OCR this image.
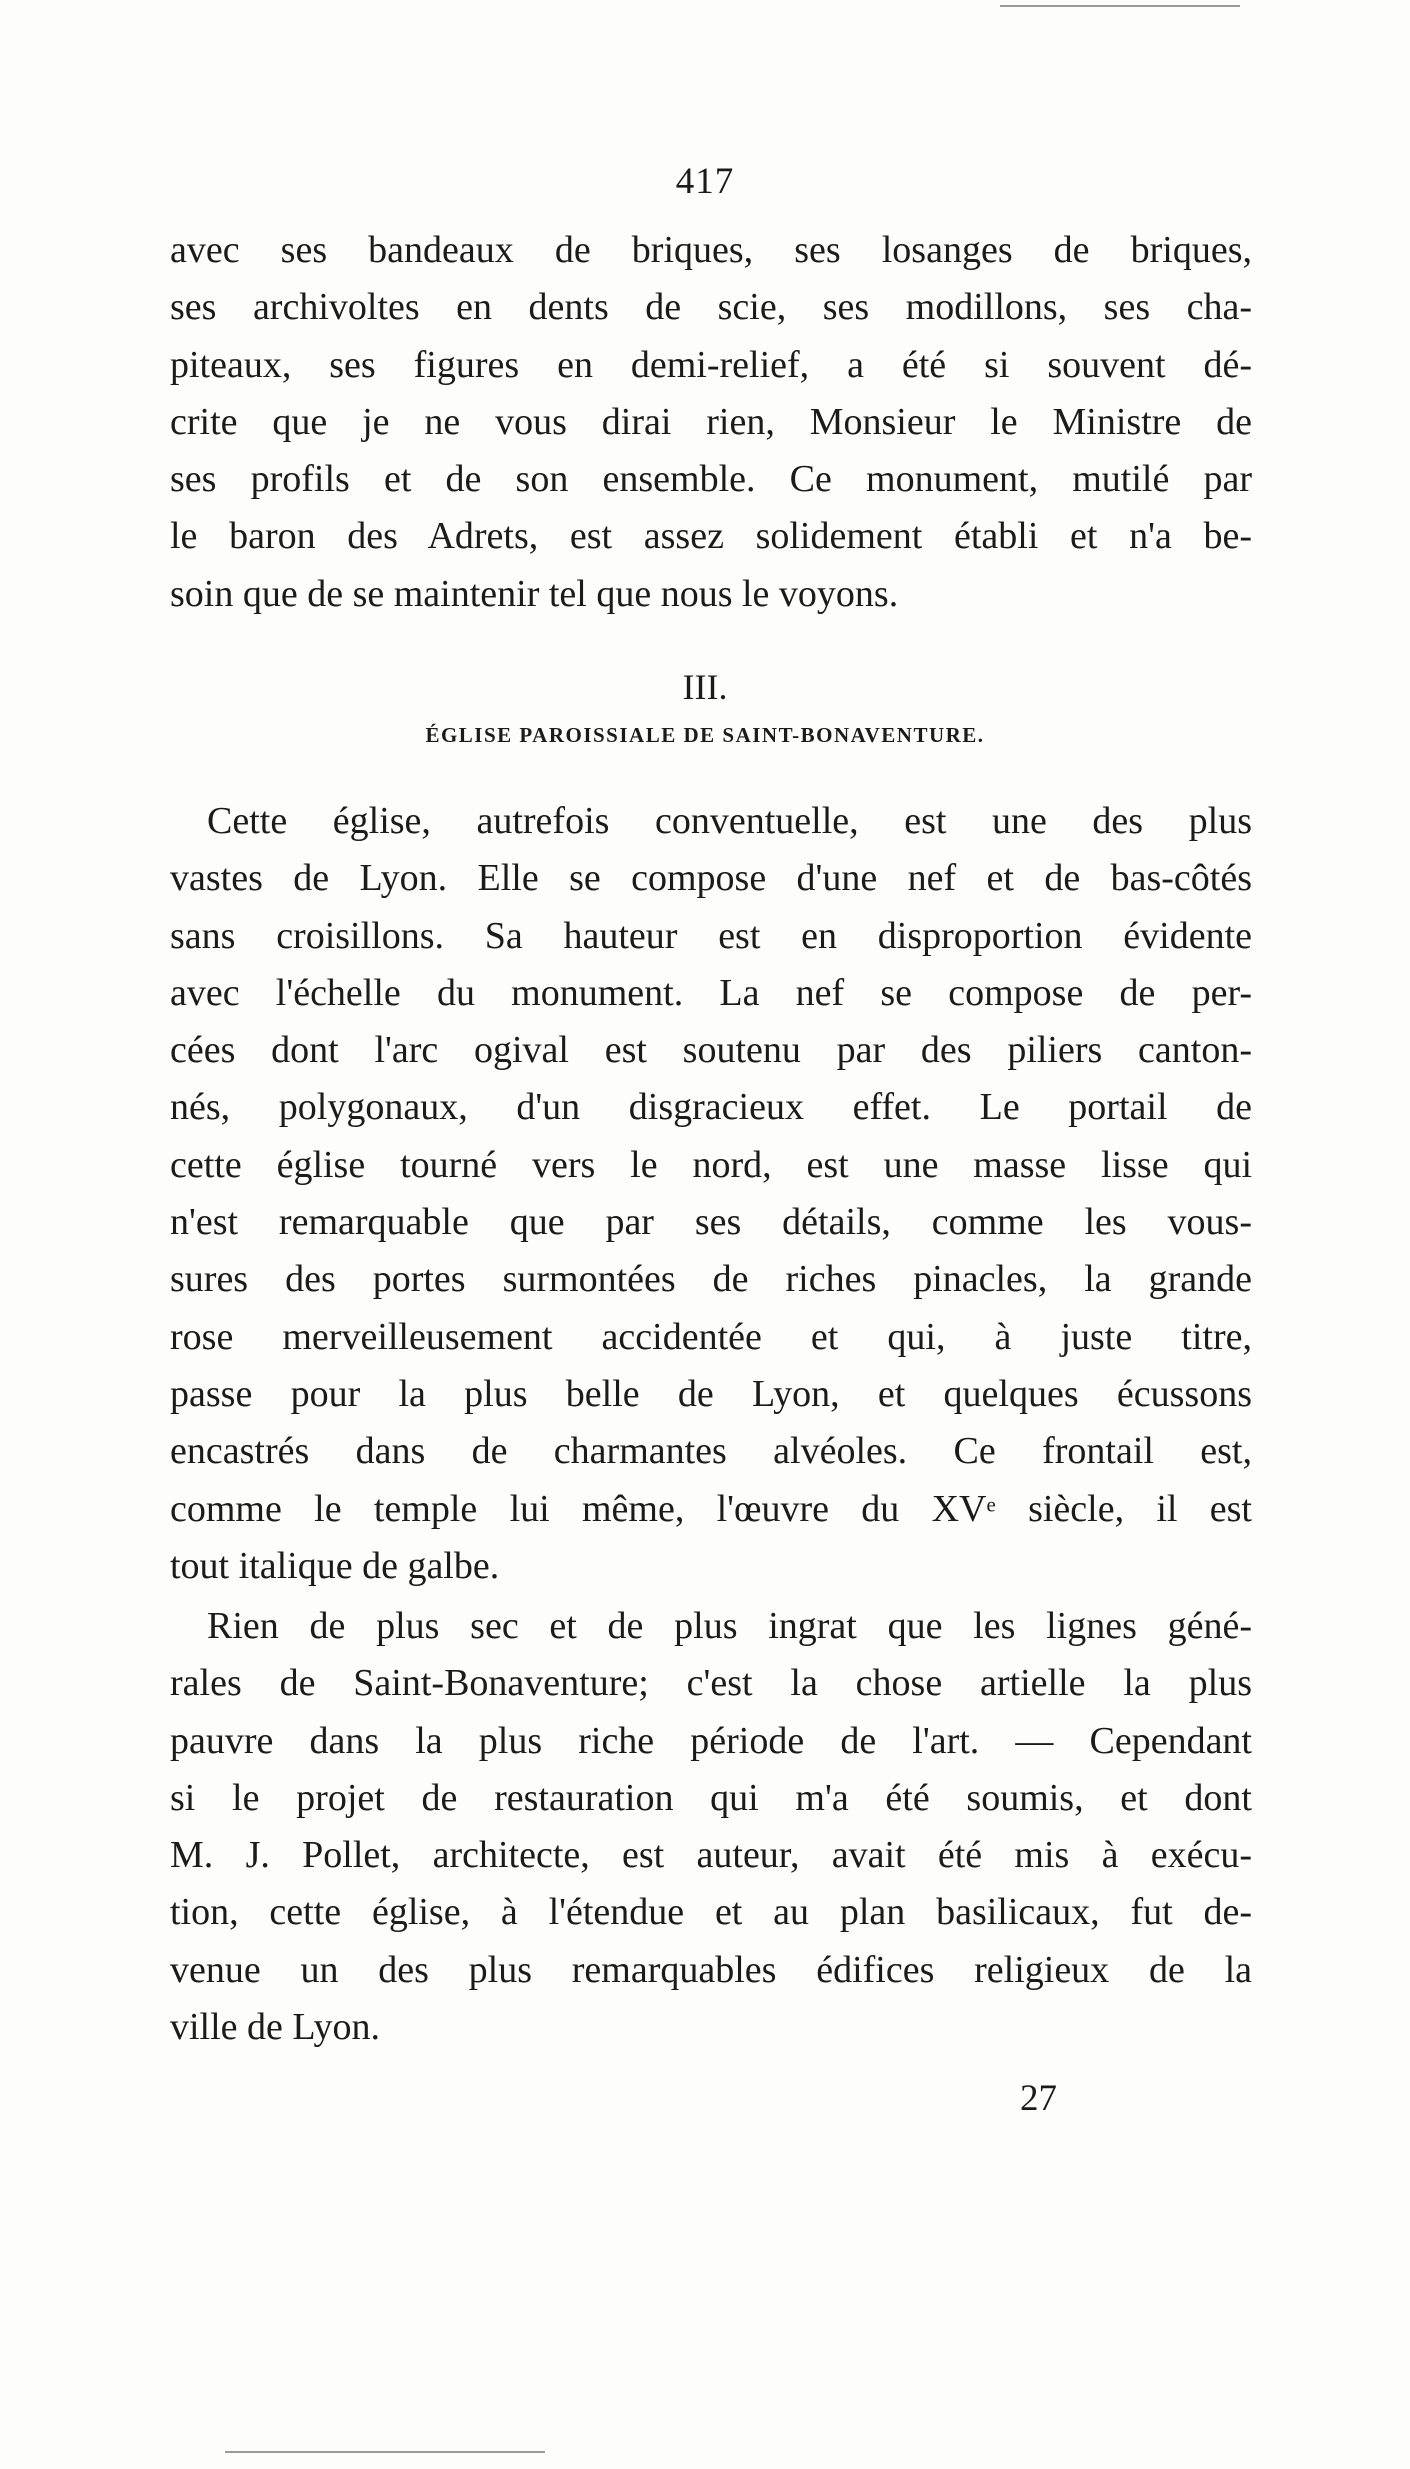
417
avec ses bandeaux de briques, ses losanges de briques,
ses archivoltes en dents de scie, ses modillons, ses cha-
piteaux, ses figures en demi-relief, a été si souvent dé-
crite que je ne vous dirai rien, Monsieur le Ministre de
ses profils et de son ensemble. Ce monument, mutilé par
le baron des Adrets, est assez solidement établi et n'a be-
soin que de se maintenir tel que nous le voyons.
III.
ÉGLISE PAROISSIALE DE SAINT-BONAVENTURE.
Cette église, autrefois conventuelle, est une des plus
vastes de Lyon. Elle se compose d'une nef et de bas-côtés
sans croisillons. Sa hauteur est en disproportion évidente
avec l'échelle du monument. La nef se compose de per-
cées dont l'arc ogival est soutenu par des piliers canton-
nés, polygonaux, d'un disgracieux effet. Le portail de
cette église tourné vers le nord, est une masse lisse qui
n'est remarquable que par ses détails, comme les vous-
sures des portes surmontées de riches pinacles, la grande
rose merveilleusement accidentée et qui, à juste titre,
passe pour la plus belle de Lyon, et quelques écussons
encastrés dans de charmantes alvéoles. Ce frontail est,
comme le temple lui même, l'œuvre du XVe siècle, il est
tout italique de galbe.
Rien de plus sec et de plus ingrat que les lignes géné-
rales de Saint-Bonaventure; c'est la chose artielle la plus
pauvre dans la plus riche période de l'art. — Cependant
si le projet de restauration qui m'a été soumis, et dont
M. J. Pollet, architecte, est auteur, avait été mis à exécu-
tion, cette église, à l'étendue et au plan basilicaux, fut de-
venue un des plus remarquables édifices religieux de la
ville de Lyon.
27
